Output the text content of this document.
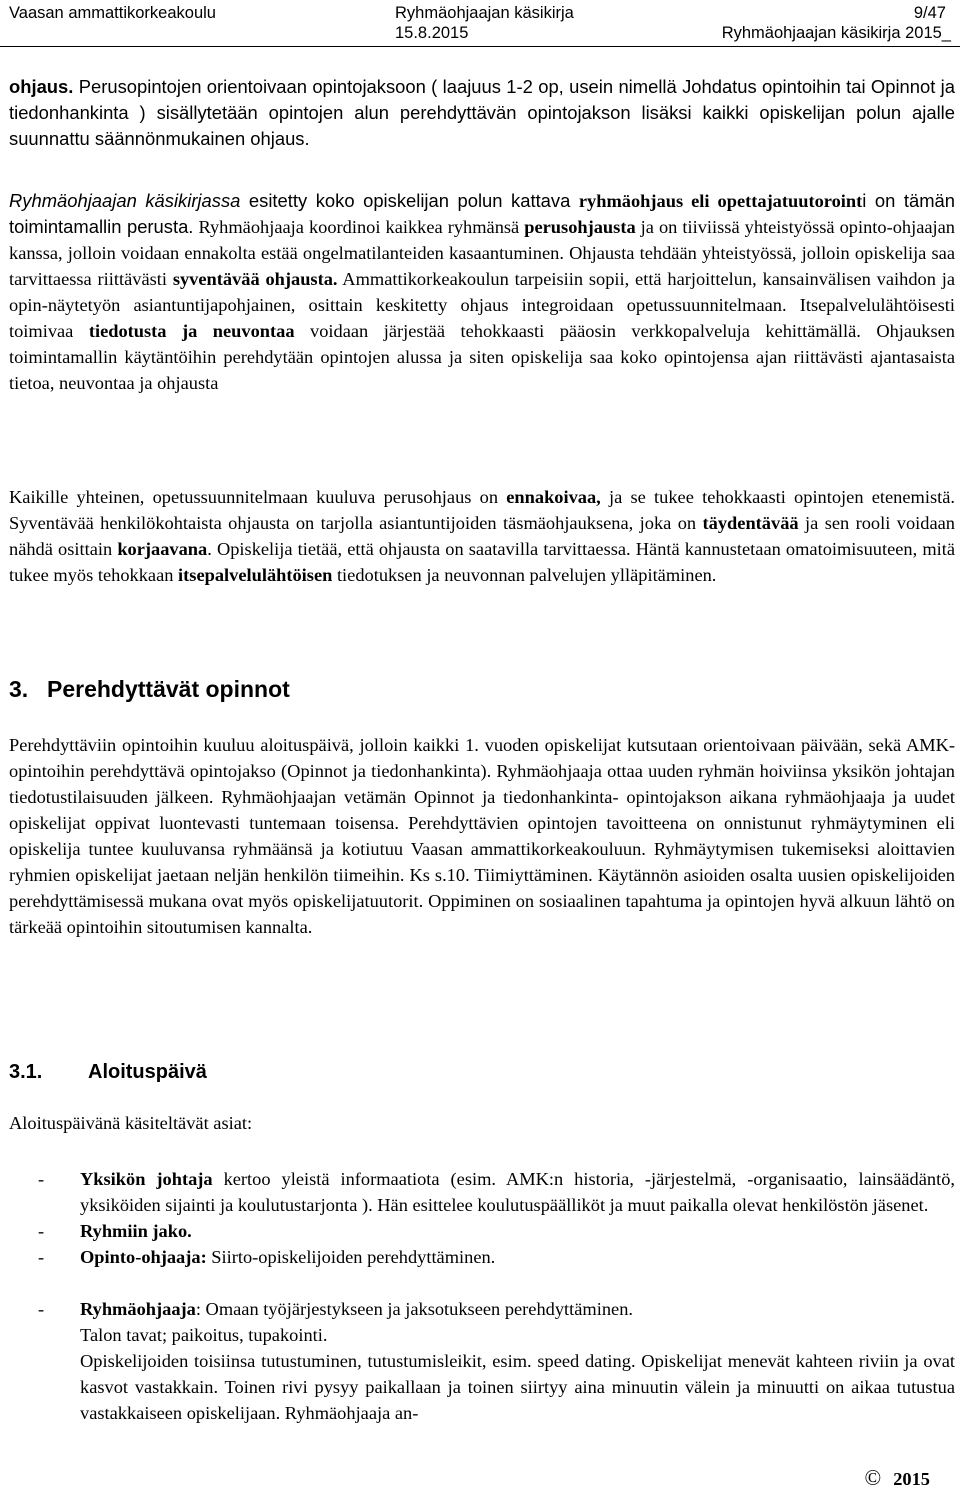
Vaasan ammattikorkeakoulu	Ryhmäohjaajan käsikirja	9/47
15.8.2015	Ryhmäohjaajan käsikirja 2015_

ohjaus. Perusopintojen orientoivaan opintojaksoon ( laajuus 1-2 op, usein nimellä Johdatus opintoihin tai Opinnot ja tiedonhankinta ) sisällytetään opintojen alun perehdyttävän opintojakson lisäksi kaikki opiskelijan polun ajalle suunnattu säännönmukainen ohjaus.

Ryhmäohjaajan käsikirjassa esitetty koko opiskelijan polun kattava ryhmäohjaus eli opettajatuutorointi on tämän toimintamallin perusta. Ryhmäohjaaja koordinoi kaikkea ryhmänsä perusohjausta ja on tiiviissä yhteistyössä opinto-ohjaajan kanssa, jolloin voidaan ennakolta estää ongelmatilanteiden kasaantuminen. Ohjausta tehdään yhteistyössä, jolloin opiskelija saa tarvittaessa riittävästi syventävää ohjausta. Ammattikorkeakoulun tarpeisiin sopii, että harjoittelun, kansainvälisen vaihdon ja opin-näytetyön asiantuntijapohjainen, osittain keskitetty ohjaus integroidaan opetussuunnitelmaan. Itsepalvelulähtöisesti toimivaa tiedotusta ja neuvontaa voidaan järjestää tehokkaasti pääosin verkkopalveluja kehittämällä. Ohjauksen toimintamallin käytäntöihin perehdytään opintojen alussa ja siten opiskelija saa koko opintojensa ajan riittävästi ajantasaista tietoa, neuvontaa ja ohjausta

Kaikille yhteinen, opetussuunnitelmaan kuuluva perusohjaus on ennakoivaa, ja se tukee tehokkaasti opintojen etenemistä. Syventävää henkilökohtaista ohjausta on tarjolla asiantuntijoiden täsmäohjauksena, joka on täydentävää ja sen rooli voidaan nähdä osittain korjaavana. Opiskelija tietää, että ohjausta on saatavilla tarvittaessa. Häntä kannustetaan omatoimisuuteen, mitä tukee myös tehokkaan itsepalvelulähtöisen tiedotuksen ja neuvonnan palvelujen ylläpitäminen.

3. Perehdyttävät opinnot

Perehdyttäviin opintoihin kuuluu aloituspäivä, jolloin kaikki 1. vuoden opiskelijat kutsutaan orientoivaan päivään, sekä AMK-opintoihin perehdyttävä opintojakso (Opinnot ja tiedonhankinta). Ryhmäohjaaja ottaa uuden ryhmän hoiviinsa yksikön johtajan tiedotustilaisuuden jälkeen. Ryhmäohjaajan vetämän Opinnot ja tiedonhankinta- opintojakson aikana ryhmäohjaaja ja uudet opiskelijat oppivat luontevasti tuntemaan toisensa. Perehdyttävien opintojen tavoitteena on onnistunut ryhmäytyminen eli opiskelija tuntee kuuluvansa ryhmäänsä ja kotiutuu Vaasan ammattikorkeakouluun. Ryhmäytymisen tukemiseksi aloittavien ryhmien opiskelijat jaetaan neljän henkilön tiimeihin. Ks s.10. Tiimiyttäminen. Käytännön asioiden osalta uusien opiskelijoiden perehdyttämisessä mukana ovat myös opiskelijatuutorit. Oppiminen on sosiaalinen tapahtuma ja opintojen hyvä alkuun lähtö on tärkeää opintoihin sitoutumisen kannalta.

3.1. Aloituspäivä

Aloituspäivänä käsiteltävät asiat:

- Yksikön johtaja kertoo yleistä informaatiota (esim. AMK:n historia, -järjestelmä, -organisaatio, lainsäädäntö, yksiköiden sijainti ja koulutustarjonta ). Hän esittelee koulutuspäälliköt ja muut paikalla olevat henkilöstön jäsenet.
- Ryhmiin jako.
- Opinto-ohjaaja: Siirto-opiskelijoiden perehdyttäminen.
- Ryhmäohjaaja: Omaan työjärjestykseen ja jaksotukseen perehdyttäminen.
Talon tavat; paikoitus, tupakointi.
Opiskelijoiden toisiinsa tutustuminen, tutustumisleikit, esim. speed dating. Opiskelijat menevät kahteen riviin ja ovat kasvot vastakkain. Toinen rivi pysyy paikallaan ja toinen siirtyy aina minuutin välein ja minuutti on aikaa tutustua vastakkaiseen opiskelijaan. Ryhmäohjaaja an-
© 2015
